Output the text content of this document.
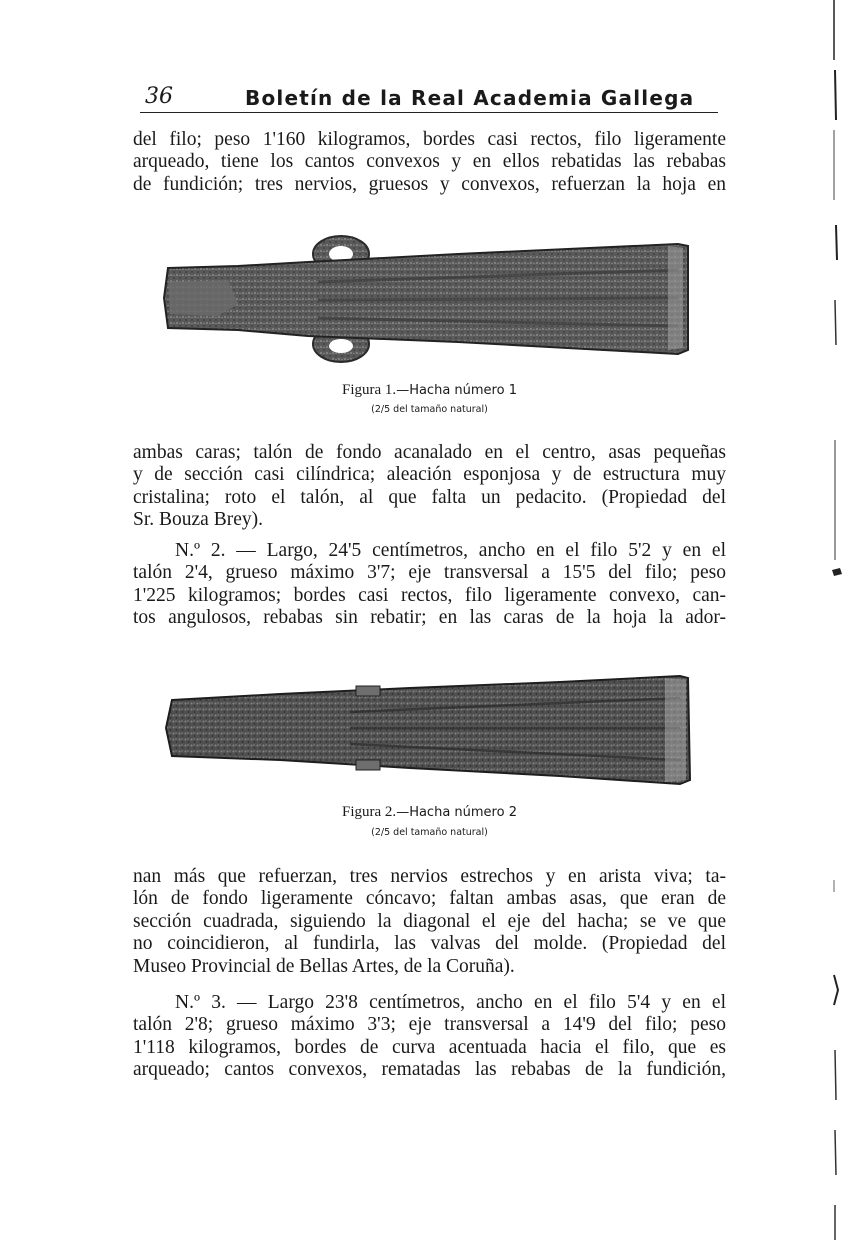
36	Boletín de la Real Academia Gallega
del filo; peso 1'160 kilogramos, bordes casi rectos, filo ligeramente
arqueado, tiene los cantos convexos y en ellos rebatidas las rebabas
de fundición; tres nervios, gruesos y convexos, refuerzan la hoja en
Figura 1.—Hacha número 1
(2/5 del tamaño natural)
ambas caras; talón de fondo acanalado en el centro, asas pequeñas
y de sección casi cilíndrica; aleación esponjosa y de estructura muy
cristalina; roto el talón, al que falta un pedacito. (Propiedad del
Sr. Bouza Brey).
N.º 2. — Largo, 24'5 centímetros, ancho en el filo 5'2 y en el
talón 2'4, grueso máximo 3'7; eje transversal a 15'5 del filo; peso
1'225 kilogramos; bordes casi rectos, filo ligeramente convexo, can-
tos angulosos, rebabas sin rebatir; en las caras de la hoja la ador-
Figura 2.—Hacha número 2
(2/5 del tamaño natural)
nan más que refuerzan, tres nervios estrechos y en arista viva; ta-
lón de fondo ligeramente cóncavo; faltan ambas asas, que eran de
sección cuadrada, siguiendo la diagonal el eje del hacha; se ve que
no coincidieron, al fundirla, las valvas del molde. (Propiedad del
Museo Provincial de Bellas Artes, de la Coruña).
N.º 3. — Largo 23'8 centímetros, ancho en el filo 5'4 y en el
talón 2'8; grueso máximo 3'3; eje transversal a 14'9 del filo; peso
1'118 kilogramos, bordes de curva acentuada hacia el filo, que es
arqueado; cantos convexos, rematadas las rebabas de la fundición,
